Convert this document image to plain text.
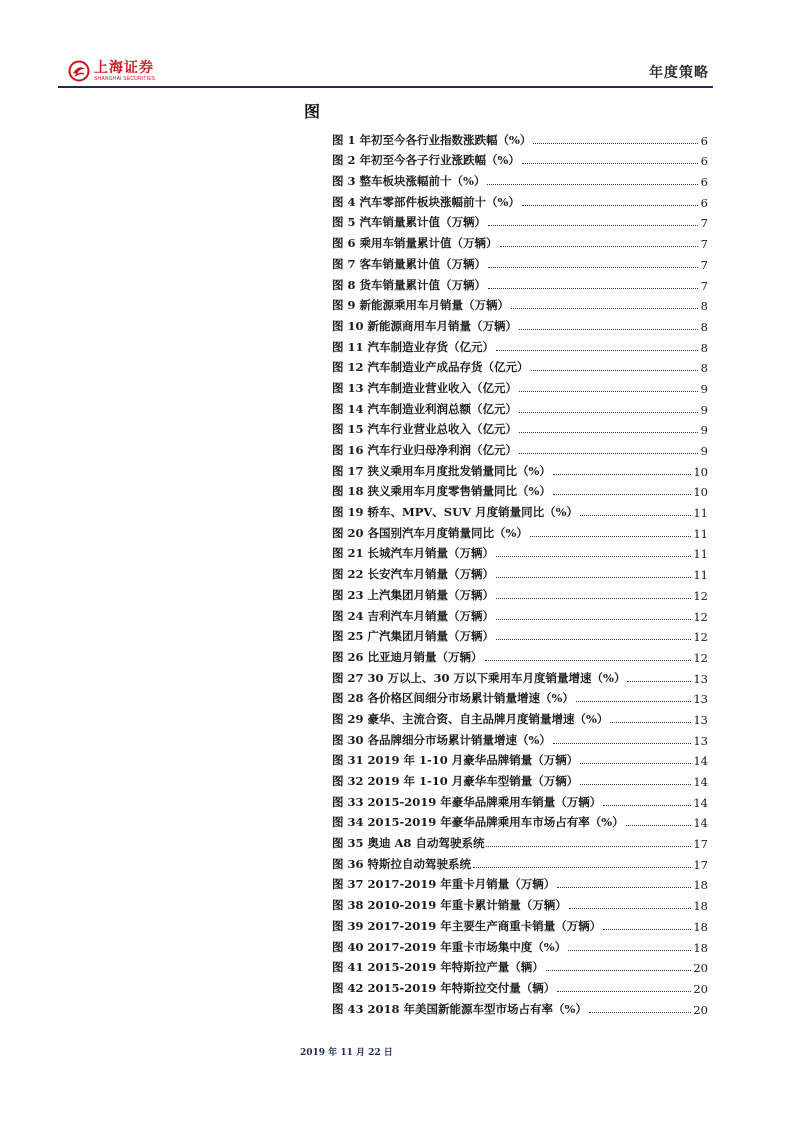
上海证券
SHANGHAI SECURITIES	年度策略
图
图 1 年初至今各行业指数涨跌幅（%）	6
图 2 年初至今各子行业涨跌幅（%）	6
图 3 整车板块涨幅前十（%）	6
图 4 汽车零部件板块涨幅前十（%）	6
图 5 汽车销量累计值（万辆）	7
图 6 乘用车销量累计值（万辆）	7
图 7 客车销量累计值（万辆）	7
图 8 货车销量累计值（万辆）	7
图 9 新能源乘用车月销量（万辆）	8
图 10 新能源商用车月销量（万辆）	8
图 11 汽车制造业存货（亿元）	8
图 12 汽车制造业产成品存货（亿元）	8
图 13 汽车制造业营业收入（亿元）	9
图 14 汽车制造业利润总额（亿元）	9
图 15 汽车行业营业总收入（亿元）	9
图 16 汽车行业归母净利润（亿元）	9
图 17 狭义乘用车月度批发销量同比（%）	10
图 18 狭义乘用车月度零售销量同比（%）	10
图 19 轿车、MPV、SUV 月度销量同比（%）	11
图 20 各国别汽车月度销量同比（%）	11
图 21 长城汽车月销量（万辆）	11
图 22 长安汽车月销量（万辆）	11
图 23 上汽集团月销量（万辆）	12
图 24 吉利汽车月销量（万辆）	12
图 25 广汽集团月销量（万辆）	12
图 26 比亚迪月销量（万辆）	12
图 27 30 万以上、30 万以下乘用车月度销量增速（%）	13
图 28 各价格区间细分市场累计销量增速（%）	13
图 29 豪华、主流合资、自主品牌月度销量增速（%）	13
图 30 各品牌细分市场累计销量增速（%）	13
图 31 2019 年 1-10 月豪华品牌销量（万辆）	14
图 32 2019 年 1-10 月豪华车型销量（万辆）	14
图 33 2015-2019 年豪华品牌乘用车销量（万辆）	14
图 34 2015-2019 年豪华品牌乘用车市场占有率（%）	14
图 35 奥迪 A8 自动驾驶系统	17
图 36 特斯拉自动驾驶系统	17
图 37 2017-2019 年重卡月销量（万辆）	18
图 38 2010-2019 年重卡累计销量（万辆）	18
图 39 2017-2019 年主要生产商重卡销量（万辆）	18
图 40 2017-2019 年重卡市场集中度（%）	18
图 41 2015-2019 年特斯拉产量（辆）	20
图 42 2015-2019 年特斯拉交付量（辆）	20
图 43 2018 年美国新能源车型市场占有率（%）	20
2019 年 11 月 22 日
